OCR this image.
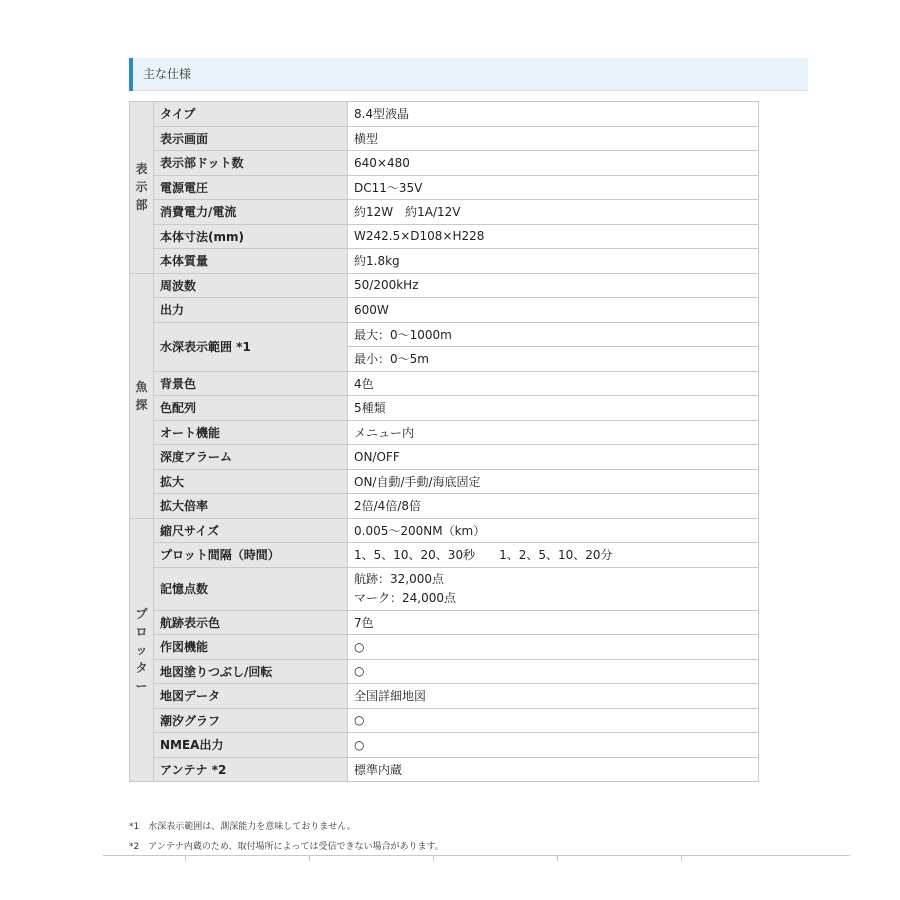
主な仕様
表
示
部	タイプ	8.4型液晶
	表示画面	横型
	表示部ドット数	640×480
	電源電圧	DC11〜35V
	消費電力/電流	約12W　約1A/12V
	本体寸法(mm)	W242.5×D108×H228
	本体質量	約1.8kg

魚
探	周波数	50/200kHz
	出力	600W
	水深表示範囲 *1	最大：0〜1000m
		最小：0〜5m
	背景色	4色
	色配列	5種類
	オート機能	メニュー内
	深度アラーム	ON/OFF
	拡大	ON/自動/手動/海底固定
	拡大倍率	2倍/4倍/8倍

プ
ロ
ッ
タ
ー	縮尺サイズ	0.005〜200NM（km）
	プロット間隔（時間）	1、5、10、20、30秒　　1、2、5、10、20分
	記憶点数	航跡：32,000点
マーク：24,000点

	航跡表示色	7色
	作図機能	○
	地図塗りつぶし/回転	○
	地図データ	全国詳細地図
	潮汐グラフ	○
	NMEA出力	○
	アンテナ *2	標準内蔵
*1　水深表示範囲は、測深能力を意味しておりません。
*2　アンテナ内蔵のため、取付場所によっては受信できない場合があります。
